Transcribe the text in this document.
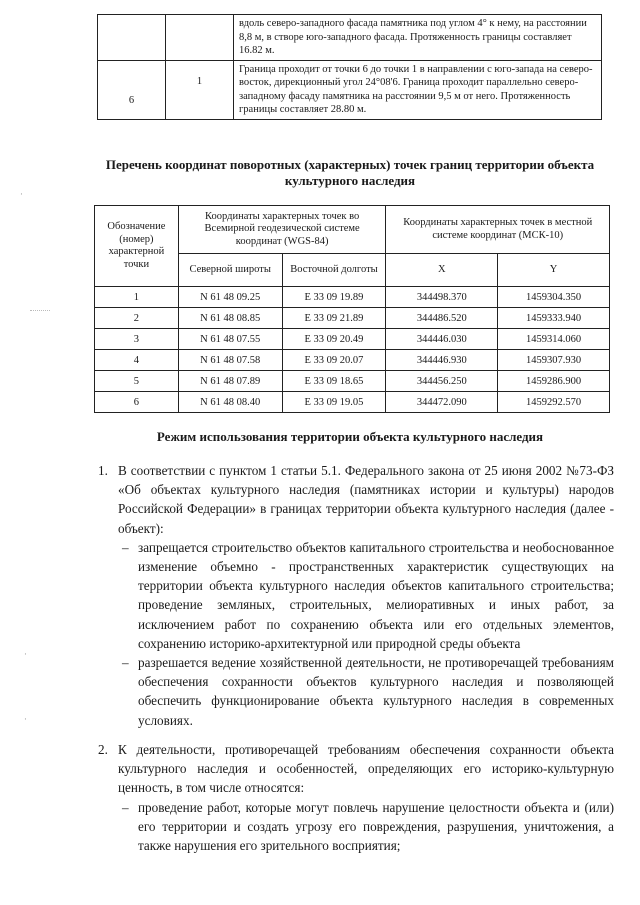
		вдоль северо-западного фасада памятника под углом 4° к нему, на расстоянии 8,8 м, в створе юго-западного фасада. Протяженность границы составляет 16.82 м.
6	1	Граница проходит от точки 6 до точки 1 в направлении с юго-запада на северо-восток, дирекционный угол 24°08'6. Граница проходит параллельно северо-западному фасаду памятника на расстоянии 9,5 м от него. Протяженность границы составляет 28.80 м.
Перечень координат поворотных (характерных) точек границ территории объекта культурного наследия
Обозначение (номер) характерной точки	Координаты характерных точек во Всемирной геодезической системе координат (WGS-84)		Координаты характерных точек в местной системе координат (МСК-10)	
	Северной широты	Восточной долготы	X	Y
1	N 61 48 09.25	E 33 09 19.89	344498.370	1459304.350
2	N 61 48 08.85	E 33 09 21.89	344486.520	1459333.940
3	N 61 48 07.55	E 33 09 20.49	344446.030	1459314.060
4	N 61 48 07.58	E 33 09 20.07	344446.930	1459307.930
5	N 61 48 07.89	E 33 09 18.65	344456.250	1459286.900
6	N 61 48 08.40	E 33 09 19.05	344472.090	1459292.570
Режим использования территории объекта культурного наследия
1. В соответствии с пунктом 1 статьи 5.1. Федерального закона от 25 июня 2002 №73-ФЗ «Об объектах культурного наследия (памятниках истории и культуры) народов Российской Федерации» в границах территории объекта культурного наследия (далее - объект):
– запрещается строительство объектов капитального строительства и необоснованное изменение объемно - пространственных характеристик существующих на территории объекта культурного наследия объектов капитального строительства; проведение земляных, строительных, мелиоративных и иных работ, за исключением работ по сохранению объекта или его отдельных элементов, сохранению историко-архитектурной или природной среды объекта
– разрешается ведение хозяйственной деятельности, не противоречащей требованиям обеспечения сохранности объектов культурного наследия и позволяющей обеспечить функционирование объекта культурного наследия в современных условиях.
2. К деятельности, противоречащей требованиям обеспечения сохранности объекта культурного наследия и особенностей, определяющих его историко-культурную ценность, в том числе относятся:
– проведение работ, которые могут повлечь нарушение целостности объекта и (или) его территории и создать угрозу его повреждения, разрушения, уничтожения, а также нарушения его зрительного восприятия;
·
·
·
